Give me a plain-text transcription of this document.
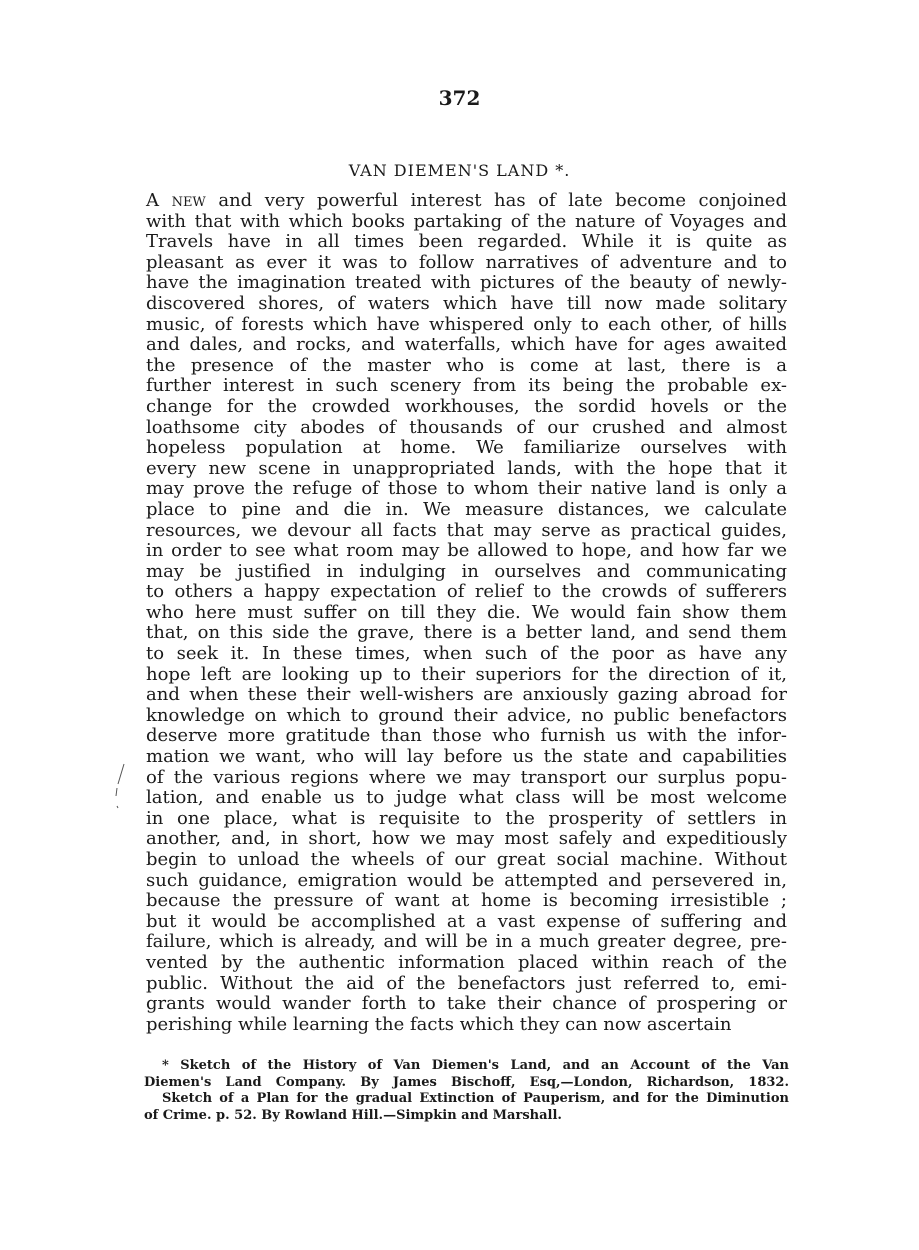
372
VAN DIEMEN'S LAND *.
A new and very powerful interest has of late become conjoined
with that with which books partaking of the nature of Voyages and
Travels have in all times been regarded. While it is quite as
pleasant as ever it was to follow narratives of adventure and to
have the imagination treated with pictures of the beauty of newly-
discovered shores, of waters which have till now made solitary
music, of forests which have whispered only to each other, of hills
and dales, and rocks, and waterfalls, which have for ages awaited
the presence of the master who is come at last, there is a
further interest in such scenery from its being the probable ex-
change for the crowded workhouses, the sordid hovels or the
loathsome city abodes of thousands of our crushed and almost
hopeless population at home. We familiarize ourselves with
every new scene in unappropriated lands, with the hope that it
may prove the refuge of those to whom their native land is only a
place to pine and die in. We measure distances, we calculate
resources, we devour all facts that may serve as practical guides,
in order to see what room may be allowed to hope, and how far we
may be justified in indulging in ourselves and communicating
to others a happy expectation of relief to the crowds of sufferers
who here must suffer on till they die. We would fain show them
that, on this side the grave, there is a better land, and send them
to seek it. In these times, when such of the poor as have any
hope left are looking up to their superiors for the direction of it,
and when these their well-wishers are anxiously gazing abroad for
knowledge on which to ground their advice, no public benefactors
deserve more gratitude than those who furnish us with the infor-
mation we want, who will lay before us the state and capabilities
of the various regions where we may transport our surplus popu-
lation, and enable us to judge what class will be most welcome
in one place, what is requisite to the prosperity of settlers in
another, and, in short, how we may most safely and expeditiously
begin to unload the wheels of our great social machine. Without
such guidance, emigration would be attempted and persevered in,
because the pressure of want at home is becoming irresistible ;
but it would be accomplished at a vast expense of suffering and
failure, which is already, and will be in a much greater degree, pre-
vented by the authentic information placed within reach of the
public. Without the aid of the benefactors just referred to, emi-
grants would wander forth to take their chance of prospering or
perishing while learning the facts which they can now ascertain
* Sketch of the History of Van Diemen's Land, and an Account of the Van
Diemen's Land Company. By James Bischoff, Esq,—London, Richardson, 1832.
Sketch of a Plan for the gradual Extinction of Pauperism, and for the Diminution
of Crime. p. 52. By Rowland Hill.—Simpkin and Marshall.
